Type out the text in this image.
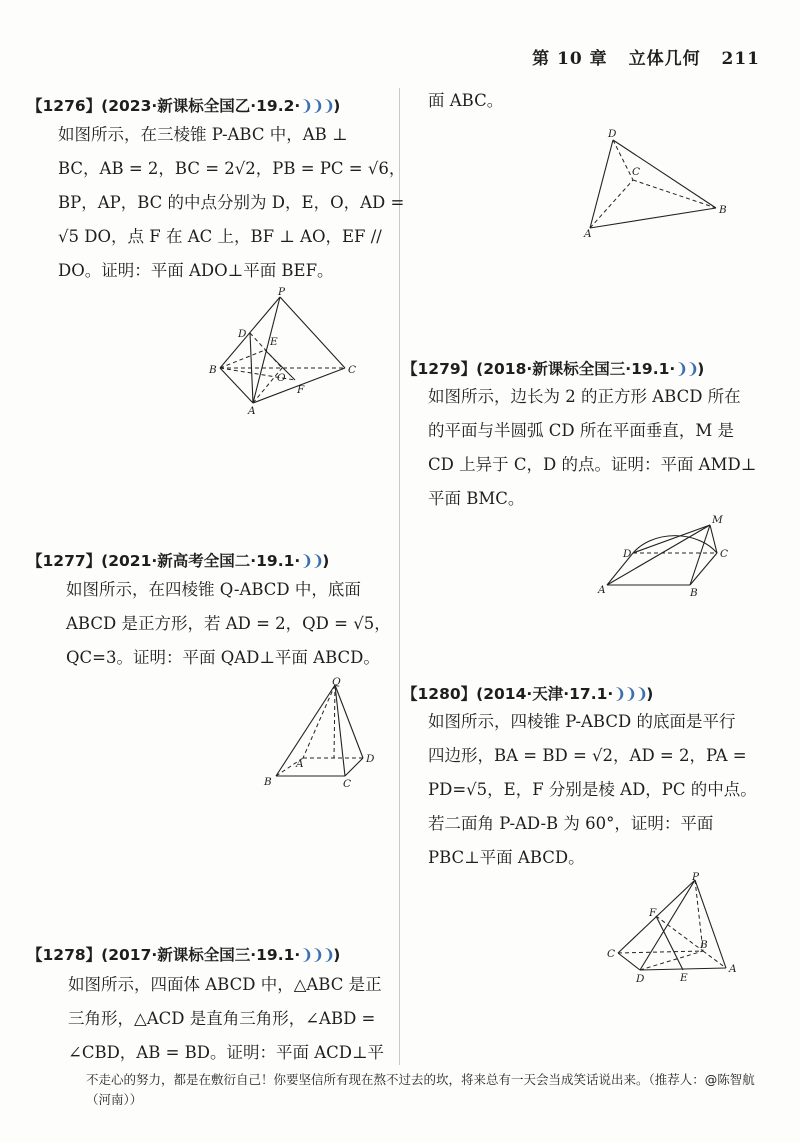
第 10 章 立体几何 211
【1276】(2023·新课标全国乙·19.2·❩❩❩)
如图所示，在三棱锥 P-ABC 中，AB ⊥
BC，AB = 2，BC = 2√2，PB = PC = √6，
BP，AP，BC 的中点分别为 D，E，O，AD =
√5 DO，点 F 在 AC 上，BF ⊥ AO，EF //
DO。证明：平面 ADO⊥平面 BEF。
P
D
E
B
O
C
F
A
【1277】(2021·新高考全国二·19.1·❩❩)
如图所示，在四棱锥 Q-ABCD 中，底面
ABCD 是正方形，若 AD = 2，QD = √5，
QC=3。证明：平面 QAD⊥平面 ABCD。
Q
A	D
B	C
【1278】(2017·新课标全国三·19.1·❩❩❩)
如图所示，四面体 ABCD 中，△ABC 是正
三角形，△ACD 是直角三角形，∠ABD =
∠CBD，AB = BD。证明：平面 ACD⊥平
面 ABC。
D
C
B
A
【1279】(2018·新课标全国三·19.1·❩❩)
如图所示，边长为 2 的正方形 ABCD 所在
的平面与半圆弧 CD 所在平面垂直，M 是
CD 上异于 C，D 的点。证明：平面 AMD⊥
平面 BMC。
M
D	C
A	B
【1280】(2014·天津·17.1·❩❩❩)
如图所示，四棱锥 P-ABCD 的底面是平行
四边形，BA = BD = √2，AD = 2，PA =
PD=√5，E，F 分别是棱 AD，PC 的中点。
若二面角 P-AD-B 为 60°，证明：平面
PBC⊥平面 ABCD。
P
F
B
C
D	E
A
不走心的努力，都是在敷衍自己！你要坚信所有现在熬不过去的坎，将来总有一天会当成笑话说出来。（推荐人：@陈智航
（河南））
